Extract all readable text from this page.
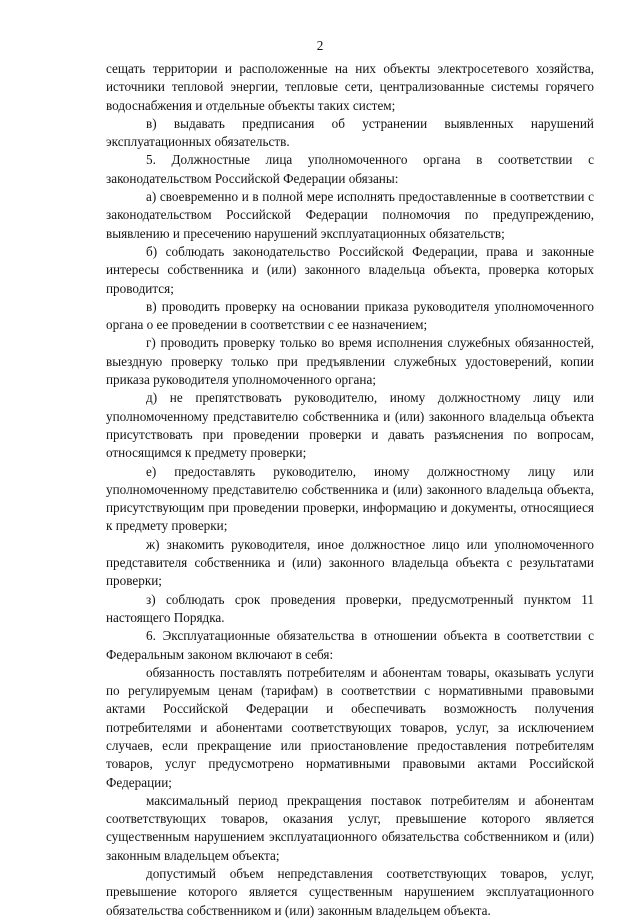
2

сещать территории и расположенные на них объекты электросетевого хозяйства, источники тепловой энергии, тепловые сети, централизованные системы горячего водоснабжения и отдельные объекты таких систем;

в) выдавать предписания об устранении выявленных нарушений эксплуатационных обязательств.

5. Должностные лица уполномоченного органа в соответствии с законодательством Российской Федерации обязаны:

а) своевременно и в полной мере исполнять предоставленные в соответствии с законодательством Российской Федерации полномочия по предупреждению, выявлению и пресечению нарушений эксплуатационных обязательств;

б) соблюдать законодательство Российской Федерации, права и законные интересы собственника и (или) законного владельца объекта, проверка которых проводится;

в) проводить проверку на основании приказа руководителя уполномоченного органа о ее проведении в соответствии с ее назначением;

г) проводить проверку только во время исполнения служебных обязанностей, выездную проверку только при предъявлении служебных удостоверений, копии приказа руководителя уполномоченного органа;

д) не препятствовать руководителю, иному должностному лицу или уполномоченному представителю собственника и (или) законного владельца объекта присутствовать при проведении проверки и давать разъяснения по вопросам, относящимся к предмету проверки;

е) предоставлять руководителю, иному должностному лицу или уполномоченному представителю собственника и (или) законного владельца объекта, присутствующим при проведении проверки, информацию и документы, относящиеся к предмету проверки;

ж) знакомить руководителя, иное должностное лицо или уполномоченного представителя собственника и (или) законного владельца объекта с результатами проверки;

з) соблюдать срок проведения проверки, предусмотренный пунктом 11 настоящего Порядка.

6. Эксплуатационные обязательства в отношении объекта в соответствии с Федеральным законом включают в себя:

обязанность поставлять потребителям и абонентам товары, оказывать услуги по регулируемым ценам (тарифам) в соответствии с нормативными правовыми актами Российской Федерации и обеспечивать возможность получения потребителями и абонентами соответствующих товаров, услуг, за исключением случаев, если прекращение или приостановление предоставления потребителям товаров, услуг предусмотрено нормативными правовыми актами Российской Федерации;

максимальный период прекращения поставок потребителям и абонентам соответствующих товаров, оказания услуг, превышение которого является существенным нарушением эксплуатационного обязательства собственником и (или) законным владельцем объекта;

допустимый объем непредставления соответствующих товаров, услуг, превышение которого является существенным нарушением эксплуатационного обязательства собственником и (или) законным владельцем объекта.
